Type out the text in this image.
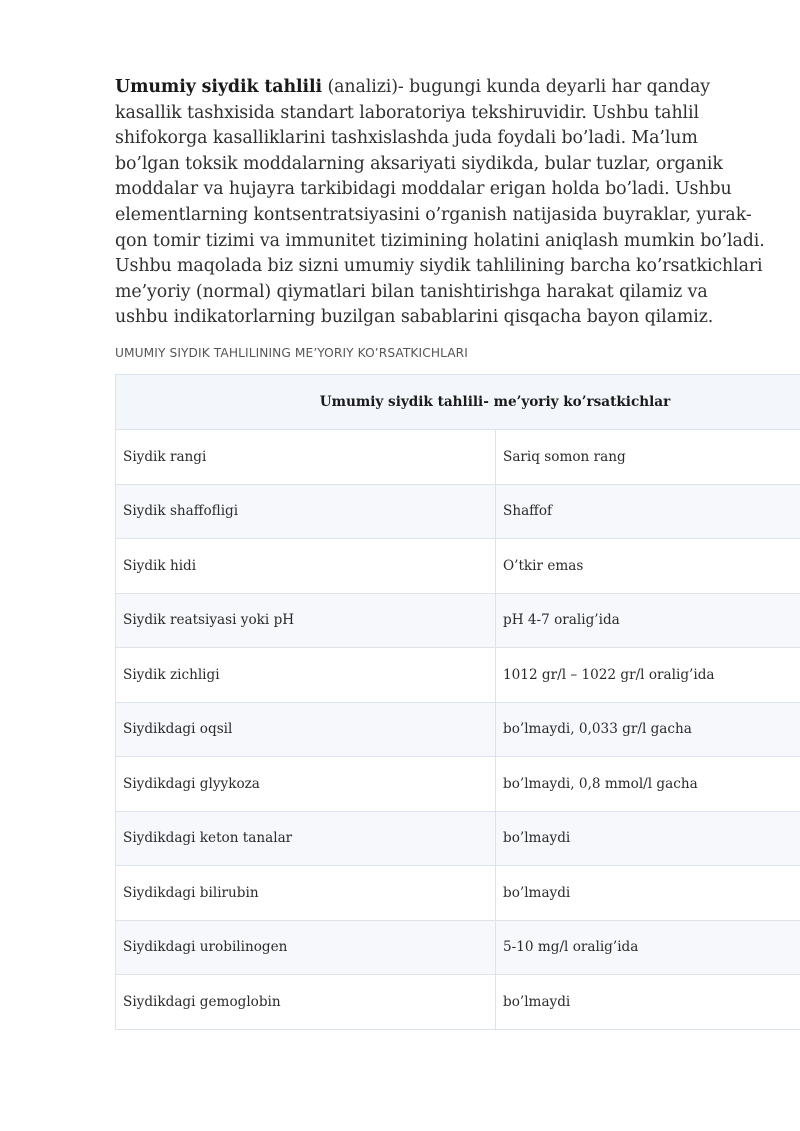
Umumiy siydik tahlili (analizi)- bugungi kunda deyarli har qanday kasallik tashxisida standart laboratoriya tekshiruvidir. Ushbu tahlil shifokorga kasalliklarini tashxislashda juda foydali bo’ladi. Ma’lum bo’lgan toksik moddalarning aksariyati siydikda, bular tuzlar, organik moddalar va hujayra tarkibidagi moddalar erigan holda bo’ladi. Ushbu elementlarning kontsentratsiyasini o’rganish natijasida buyraklar, yurak-qon tomir tizimi va immunitet tizimining holatini aniqlash mumkin bo’ladi. Ushbu maqolada biz sizni umumiy siydik tahlilining barcha ko’rsatkichlari me’yoriy (normal) qiymatlari bilan tanishtirishga harakat qilamiz va ushbu indikatorlarning buzilgan sabablarini qisqacha bayon qilamiz.

UMUMIY SIYDIK TAHLILINING ME’YORIY KO’RSATKICHLARI
Umumiy siydik tahlili- me’yoriy ko’rsatkichlar	
Siydik rangi	Sariq somon rang
Siydik shaffofligi	Shaffof
Siydik hidi	O’tkir emas
Siydik reatsiyasi yoki pH	pH 4-7 oralig’ida
Siydik zichligi	1012 gr/l – 1022 gr/l oralig’ida
Siydikdagi oqsil	bo’lmaydi, 0,033 gr/l gacha
Siydikdagi glyykoza	bo’lmaydi, 0,8 mmol/l gacha
Siydikdagi keton tanalar	bo’lmaydi
Siydikdagi bilirubin	bo’lmaydi
Siydikdagi urobilinogen	5-10 mg/l oralig’ida
Siydikdagi gemoglobin	bo’lmaydi
